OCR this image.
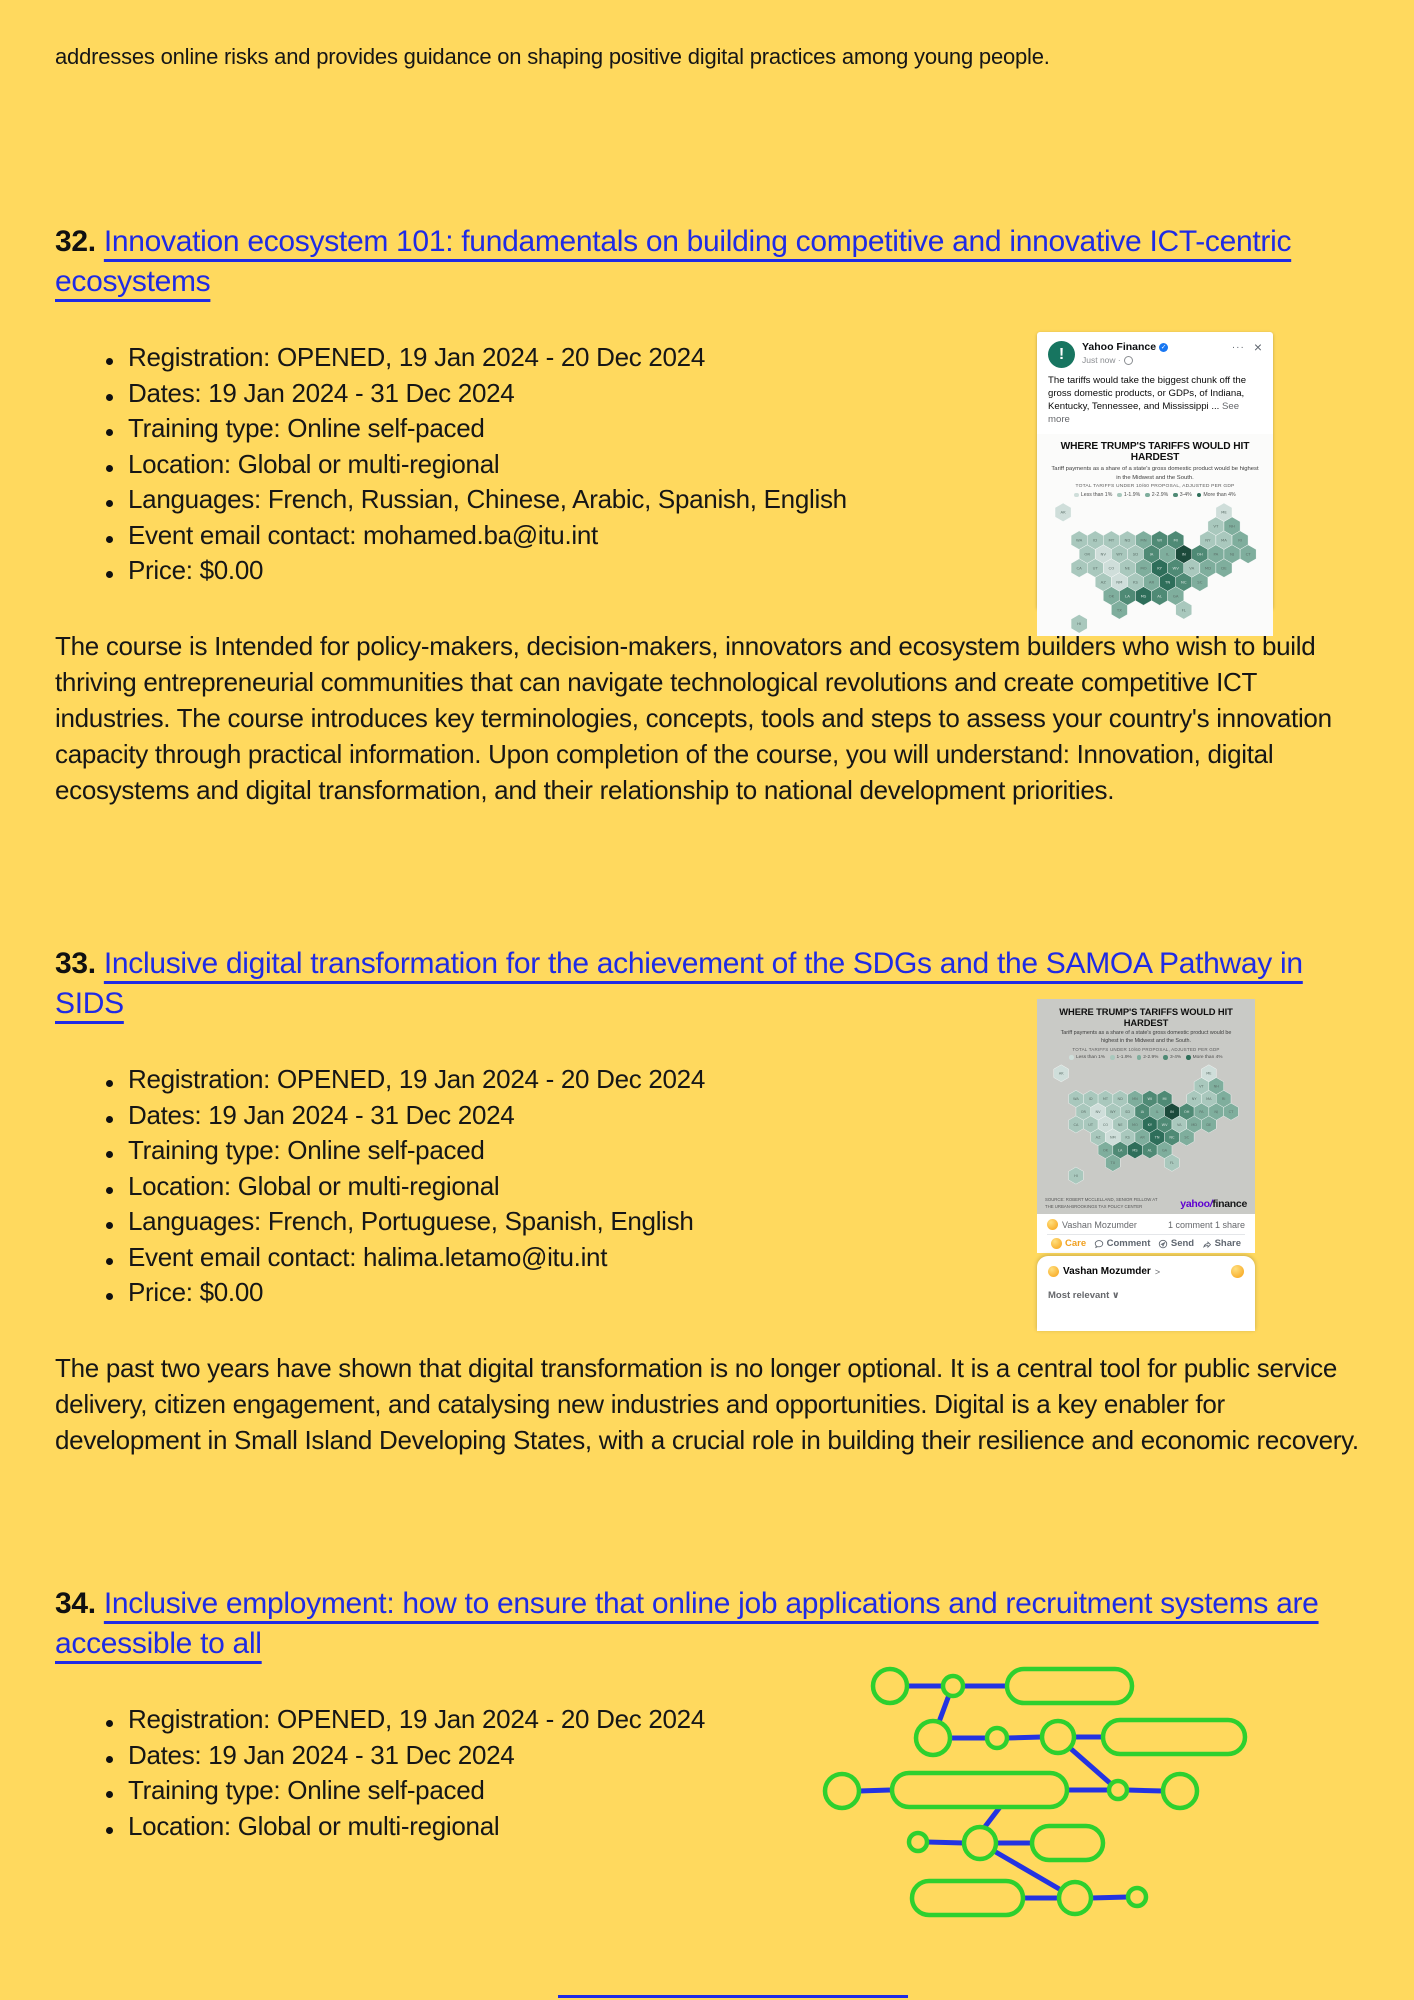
addresses online risks and provides guidance on shaping positive digital practices among young people.

32. Innovation ecosystem 101: fundamentals on building competitive and innovative ICT-centric ecosystems
Registration: OPENED, 19 Jan 2024 - 20 Dec 2024
Dates: 19 Jan 2024 - 31 Dec 2024
Training type: Online self-paced
Location: Global or multi-regional
Languages: French, Russian, Chinese, Arabic, Spanish, English
Event email contact: mohamed.ba@itu.int
Price: $0.00
!	Yahoo Finance ✓
Just now ·
··· ×
The tariffs would take the biggest chunk off the gross domestic products, or GDPs, of Indiana, Kentucky, Tennessee, and Mississippi ... See more
WHERE TRUMP'S TARIFFS WOULD HIT HARDEST
Tariff payments as a share of a state's gross domestic product would be highest in the Midwest and the South.
TOTAL TARIFFS UNDER 10/60 PROPOSAL, ADJUSTED PER GDP
Less than 1% 1-1.9% 2-2.9% 3-4% More than 4%
AK	ME
VT	NH
WA	ID	MT	ND	MN	WI	MI	NY	MA	RI
OR	NV	WY	SD	IA	IL	IN	OH	PA	NJ	CT
CA	UT	CO	NE	MO	KY	WV	VA	MD	DE
AZ	NM	KS	AR	TN	NC	SC
OK	LA	MS	AL	GA
TX	FL
HI

The course is Intended for policy-makers, decision-makers, innovators and ecosystem builders who wish to build thriving entrepreneurial communities that can navigate technological revolutions and create competitive ICT industries. The course introduces key terminologies, concepts, tools and steps to assess your country's innovation capacity through practical information. Upon completion of the course, you will understand: Innovation, digital ecosystems and digital transformation, and their relationship to national development priorities.

33. Inclusive digital transformation for the achievement of the SDGs and the SAMOA Pathway in SIDS	WHERE TRUMP'S TARIFFS WOULD HIT HARDEST
Tariff payments as a share of a state's gross domestic product would be highest in the Midwest and the South.
TOTAL TARIFFS UNDER 10/60 PROPOSAL, ADJUSTED PER GDP
Less than 1% 1-1.9% 2-2.9% 3-4% More than 4%
AK	ME
VT	NH
WA	ID	MT ND MN	WI	MI	NY	MA	RI
OR	NV WY	SD	IA	IL	IN	OH	PA	NJ	CT
CA	UT	CO	NE MO	KY	WV VA	MD DE
AZ NM	KS	AR	TN	NC	SC
OK	LA	MS	AL	GA
TX	FL
HI
SOURCE: ROBERT MCCLELLAND, SENIOR FELLOW AT THE URBAN-BROOKINGS TAX POLICY CENTER	yahoo/finance
Vashan Mozumder	1 comment 1 share
Care Comment Send Share
Vashan Mozumder >
Most relevant ∨
Registration: OPENED, 19 Jan 2024 - 20 Dec 2024
Dates: 19 Jan 2024 - 31 Dec 2024
Training type: Online self-paced
Location: Global or multi-regional
Languages: French, Portuguese, Spanish, English
Event email contact: halima.letamo@itu.int
Price: $0.00

The past two years have shown that digital transformation is no longer optional. It is a central tool for public service delivery, citizen engagement, and catalysing new industries and opportunities. Digital is a key enabler for development in Small Island Developing States, with a crucial role in building their resilience and economic recovery.

34. Inclusive employment: how to ensure that online job applications and recruitment systems are accessible to all
Registration: OPENED, 19 Jan 2024 - 20 Dec 2024
Dates: 19 Jan 2024 - 31 Dec 2024
Training type: Online self-paced
Location: Global or multi-regional
